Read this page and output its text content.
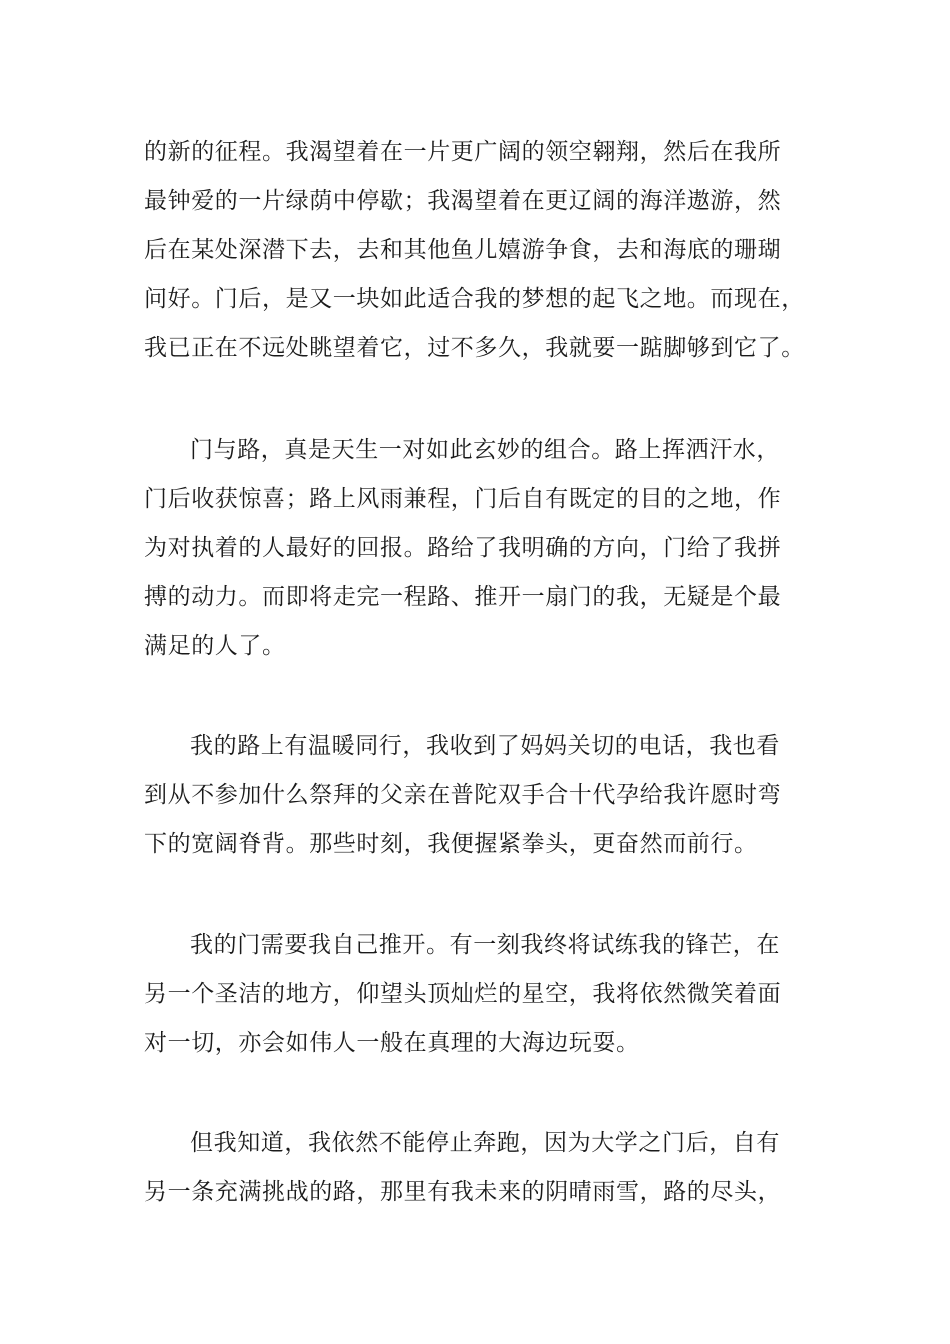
的新的征程。我渴望着在一片更广阔的领空翱翔，然后在我所
最钟爱的一片绿荫中停歇；我渴望着在更辽阔的海洋遨游，然
后在某处深潜下去，去和其他鱼儿嬉游争食，去和海底的珊瑚
问好。门后，是又一块如此适合我的梦想的起飞之地。而现在，
我已正在不远处眺望着它，过不多久，我就要一踮脚够到它了。
门与路，真是天生一对如此玄妙的组合。路上挥洒汗水，
门后收获惊喜；路上风雨兼程，门后自有既定的目的之地，作
为对执着的人最好的回报。路给了我明确的方向，门给了我拼
搏的动力。而即将走完一程路、推开一扇门的我，无疑是个最
满足的人了。
我的路上有温暖同行，我收到了妈妈关切的电话，我也看
到从不参加什么祭拜的父亲在普陀双手合十代孕给我许愿时弯
下的宽阔脊背。那些时刻，我便握紧拳头，更奋然而前行。
我的门需要我自己推开。有一刻我终将试练我的锋芒，在
另一个圣洁的地方，仰望头顶灿烂的星空，我将依然微笑着面
对一切，亦会如伟人一般在真理的大海边玩耍。
但我知道，我依然不能停止奔跑，因为大学之门后，自有
另一条充满挑战的路，那里有我未来的阴晴雨雪，路的尽头，
